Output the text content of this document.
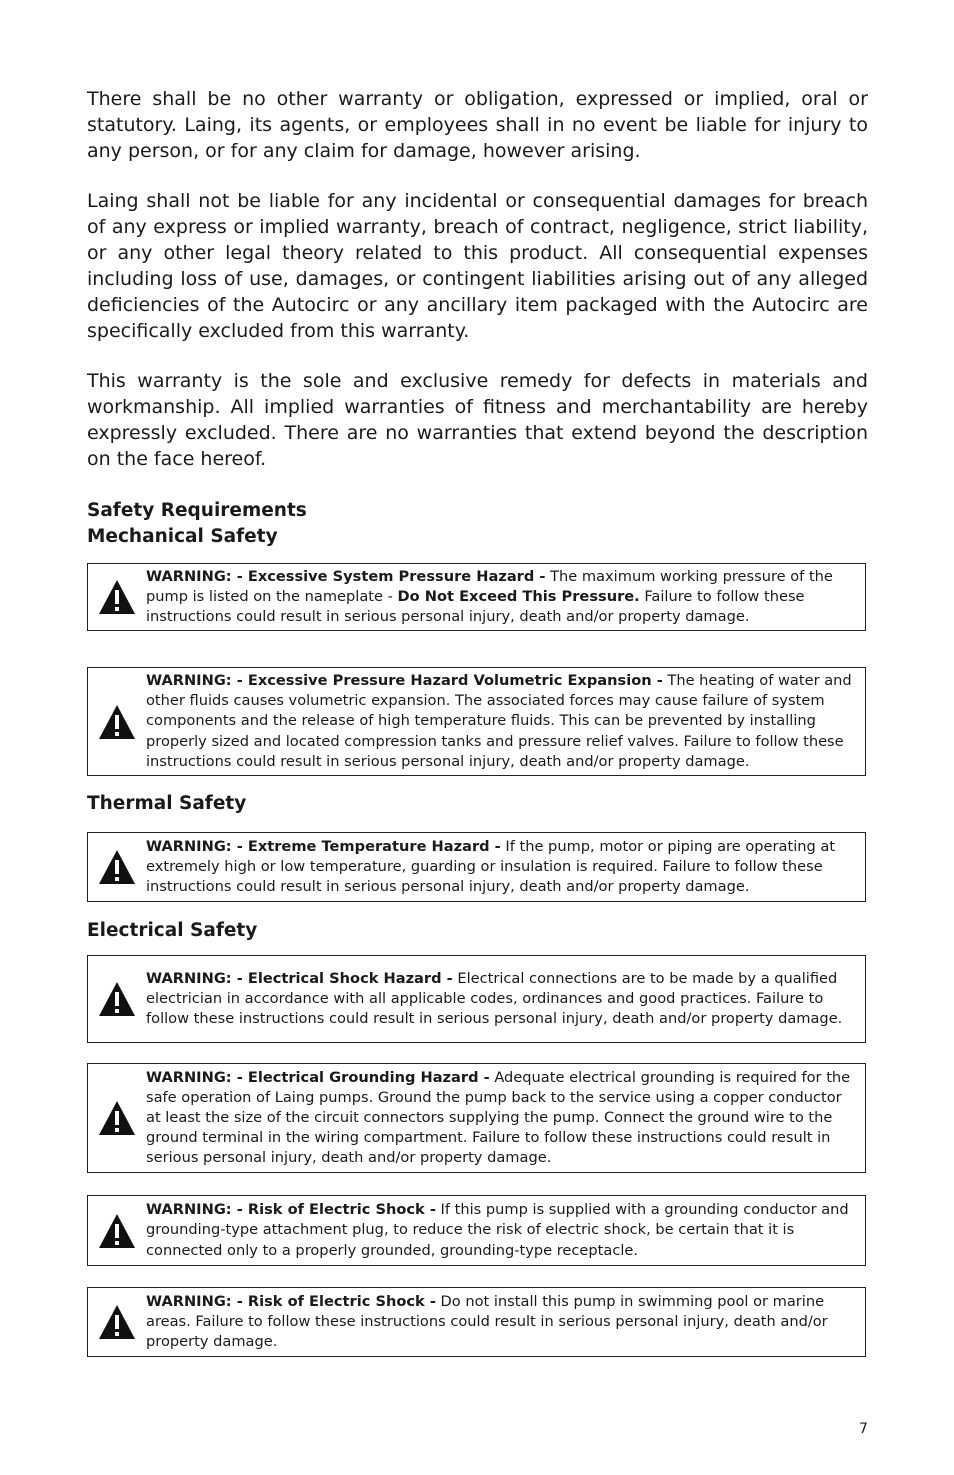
There shall be no other warranty or obligation, expressed or implied, oral or statutory. Laing, its agents, or employees shall in no event be liable for injury to any person, or for any claim for damage, however arising.

Laing shall not be liable for any incidental or consequential damages for breach of any express or implied warranty, breach of contract, negligence, strict liability, or any other legal theory related to this product. All consequential expenses including loss of use, damages, or contingent liabilities arising out of any alleged deficiencies of the Autocirc or any ancillary item packaged with the Autocirc are specifically excluded from this warranty.

This warranty is the sole and exclusive remedy for defects in materials and workmanship. All implied warranties of fitness and merchantability are hereby expressly excluded. There are no warranties that extend beyond the description on the face hereof.

Safety Requirements

Mechanical Safety

WARNING: - Excessive System Pressure Hazard - The maximum working pressure of the pump is listed on the nameplate - Do Not Exceed This Pressure. Failure to follow these instructions could result in serious personal injury, death and/or property damage.

WARNING: - Excessive Pressure Hazard Volumetric Expansion - The heating of water and other fluids causes volumetric expansion. The associated forces may cause failure of system components and the release of high temperature fluids. This can be prevented by installing properly sized and located compression tanks and pressure relief valves. Failure to follow these instructions could result in serious personal injury, death and/or property damage.

Thermal Safety

WARNING: - Extreme Temperature Hazard - If the pump, motor or piping are operating at extremely high or low temperature, guarding or insulation is required. Failure to follow these instructions could result in serious personal injury, death and/or property damage.

Electrical Safety

WARNING: - Electrical Shock Hazard - Electrical connections are to be made by a qualified electrician in accordance with all applicable codes, ordinances and good practices. Failure to follow these instructions could result in serious personal injury, death and/or property damage.

WARNING: - Electrical Grounding Hazard - Adequate electrical grounding is required for the safe operation of Laing pumps. Ground the pump back to the service using a copper conductor at least the size of the circuit connectors supplying the pump. Connect the ground wire to the ground terminal in the wiring compartment. Failure to follow these instructions could result in serious personal injury, death and/or property damage.

WARNING: - Risk of Electric Shock - If this pump is supplied with a grounding conductor and grounding-type attachment plug, to reduce the risk of electric shock, be certain that it is connected only to a properly grounded, grounding-type receptacle.

WARNING: - Risk of Electric Shock - Do not install this pump in swimming pool or marine areas. Failure to follow these instructions could result in serious personal injury, death and/or property damage.

7
